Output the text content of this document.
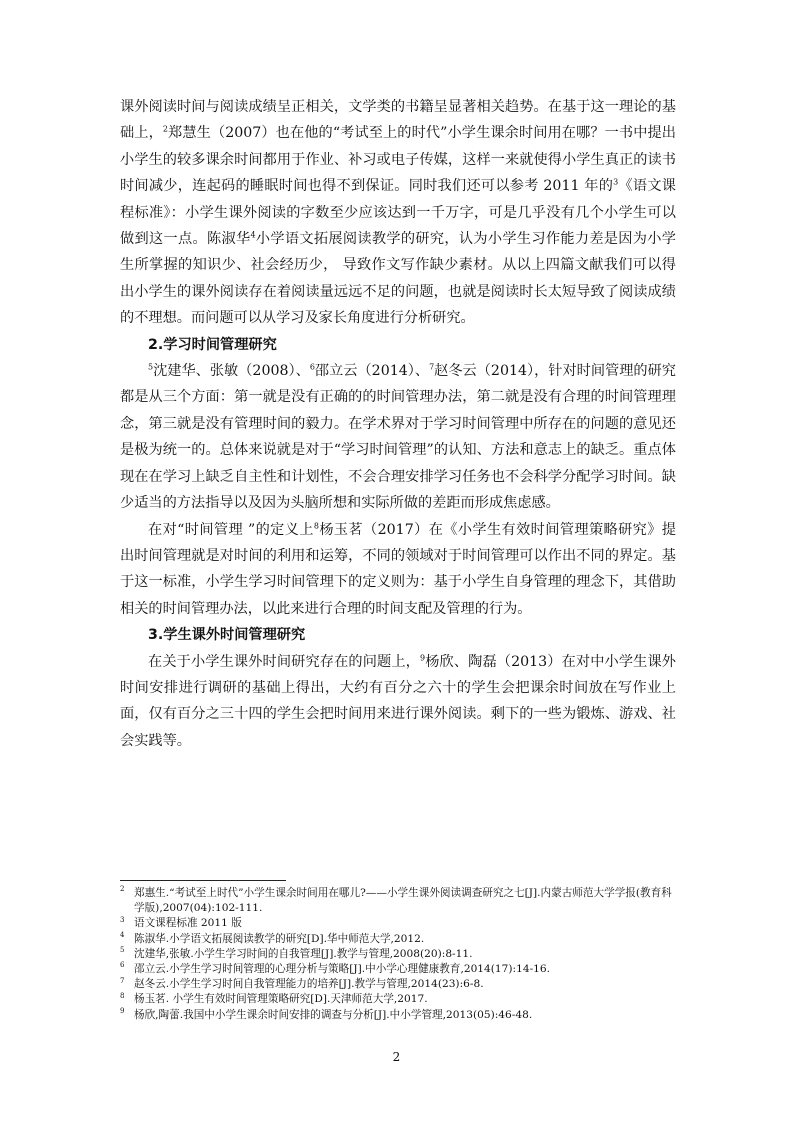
课外阅读时间与阅读成绩呈正相关，文学类的书籍呈显著相关趋势。在基于这一理论的基础上，$^2$郑慧生（2007）也在他的“考试至上的时代”小学生课余时间用在哪？一书中提出小学生的较多课余时间都用于作业、补习或电子传媒，这样一来就使得小学生真正的读书时间减少，连起码的睡眠时间也得不到保证。同时我们还可以参考 2011 年的$^3$《语文课程标准》：小学生课外阅读的字数至少应该达到一千万字，可是几乎没有几个小学生可以做到这一点。陈淑华$^4$小学语文拓展阅读教学的研究，认为小学生习作能力差是因为小学生所掌握的知识少、社会经历少， 导致作文写作缺少素材。从以上四篇文献我们可以得出小学生的课外阅读存在着阅读量远远不足的问题，也就是阅读时长太短导致了阅读成绩的不理想。而问题可以从学习及家长角度进行分析研究。

2.学习时间管理研究

$^5$沈建华、张敏（2008）、$^6$邵立云（2014）、$^7$赵冬云（2014），针对时间管理的研究都是从三个方面：第一就是没有正确的的时间管理办法，第二就是没有合理的时间管理理念，第三就是没有管理时间的毅力。在学术界对于学习时间管理中所存在的问题的意见还是极为统一的。总体来说就是对于“学习时间管理”的认知、方法和意志上的缺乏。重点体现在在学习上缺乏自主性和计划性，不会合理安排学习任务也不会科学分配学习时间。缺少适当的方法指导以及因为头脑所想和实际所做的差距而形成焦虑感。

在对“时间管理 ”的定义上$^8$杨玉茗（2017）在《小学生有效时间管理策略研究》提出时间管理就是对时间的利用和运筹，不同的领域对于时间管理可以作出不同的界定。基于这一标准，小学生学习时间管理下的定义则为：基于小学生自身管理的理念下，其借助相关的时间管理办法，以此来进行合理的时间支配及管理的行为。

3.学生课外时间管理研究

在关于小学生课外时间研究存在的问题上，$^9$杨欣、陶磊（2013）在对中小学生课外时间安排进行调研的基础上得出，大约有百分之六十的学生会把课余时间放在写作业上面，仅有百分之三十四的学生会把时间用来进行课外阅读。剩下的一些为锻炼、游戏、社会实践等。

2 郑惠生.“考试至上时代”小学生课余时间用在哪儿?——小学生课外阅读调查研究之七[J].内蒙古师范大学学报(教育科学版),2007(04):102-111.

3 语文课程标准 2011 版

4 陈淑华.小学语文拓展阅读教学的研究[D].华中师范大学,2012.

5 沈建华,张敏.小学生学习时间的自我管理[J].教学与管理,2008(20):8-11.

6 邵立云.小学生学习时间管理的心理分析与策略[J].中小学心理健康教育,2014(17):14-16.

7 赵冬云.小学生学习时间自我管理能力的培养[J].教学与管理,2014(23):6-8.

8 杨玉茗. 小学生有效时间管理策略研究[D].天津师范大学,2017.

9 杨欣,陶蕾.我国中小学生课余时间安排的调查与分析[J].中小学管理,2013(05):46-48.

2
